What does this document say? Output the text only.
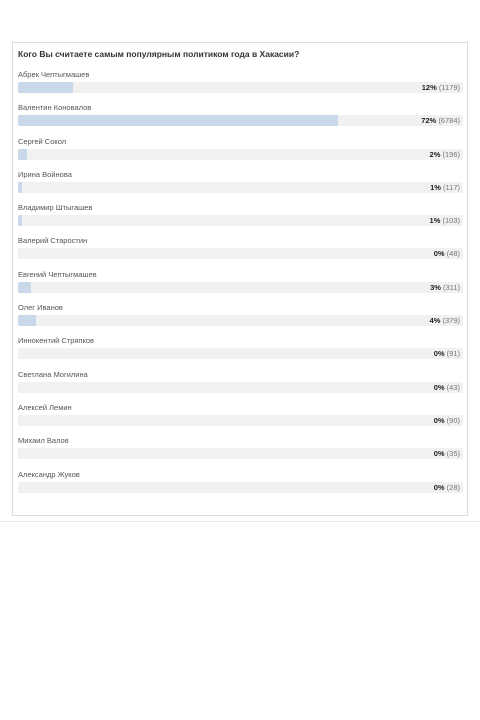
Кого Вы считаете самым популярным политиком года в Хакасии?
Абрек Чептыгмашев
12% (1179)
Валентин Коновалов
72% (6784)
Сергей Сокол
2% (196)
Ирина Войнова
1% (117)
Владимир Штыгашев
1% (103)
Валерий Старостин
0% (48)
Евгений Чептыгмашев
3% (311)
Олег Иванов
4% (379)
Иннокентий Стряпков
0% (91)
Светлана Могилина
0% (43)
Алексей Лемин
0% (90)
Михаил Валов
0% (35)
Александр Жуков
0% (28)
